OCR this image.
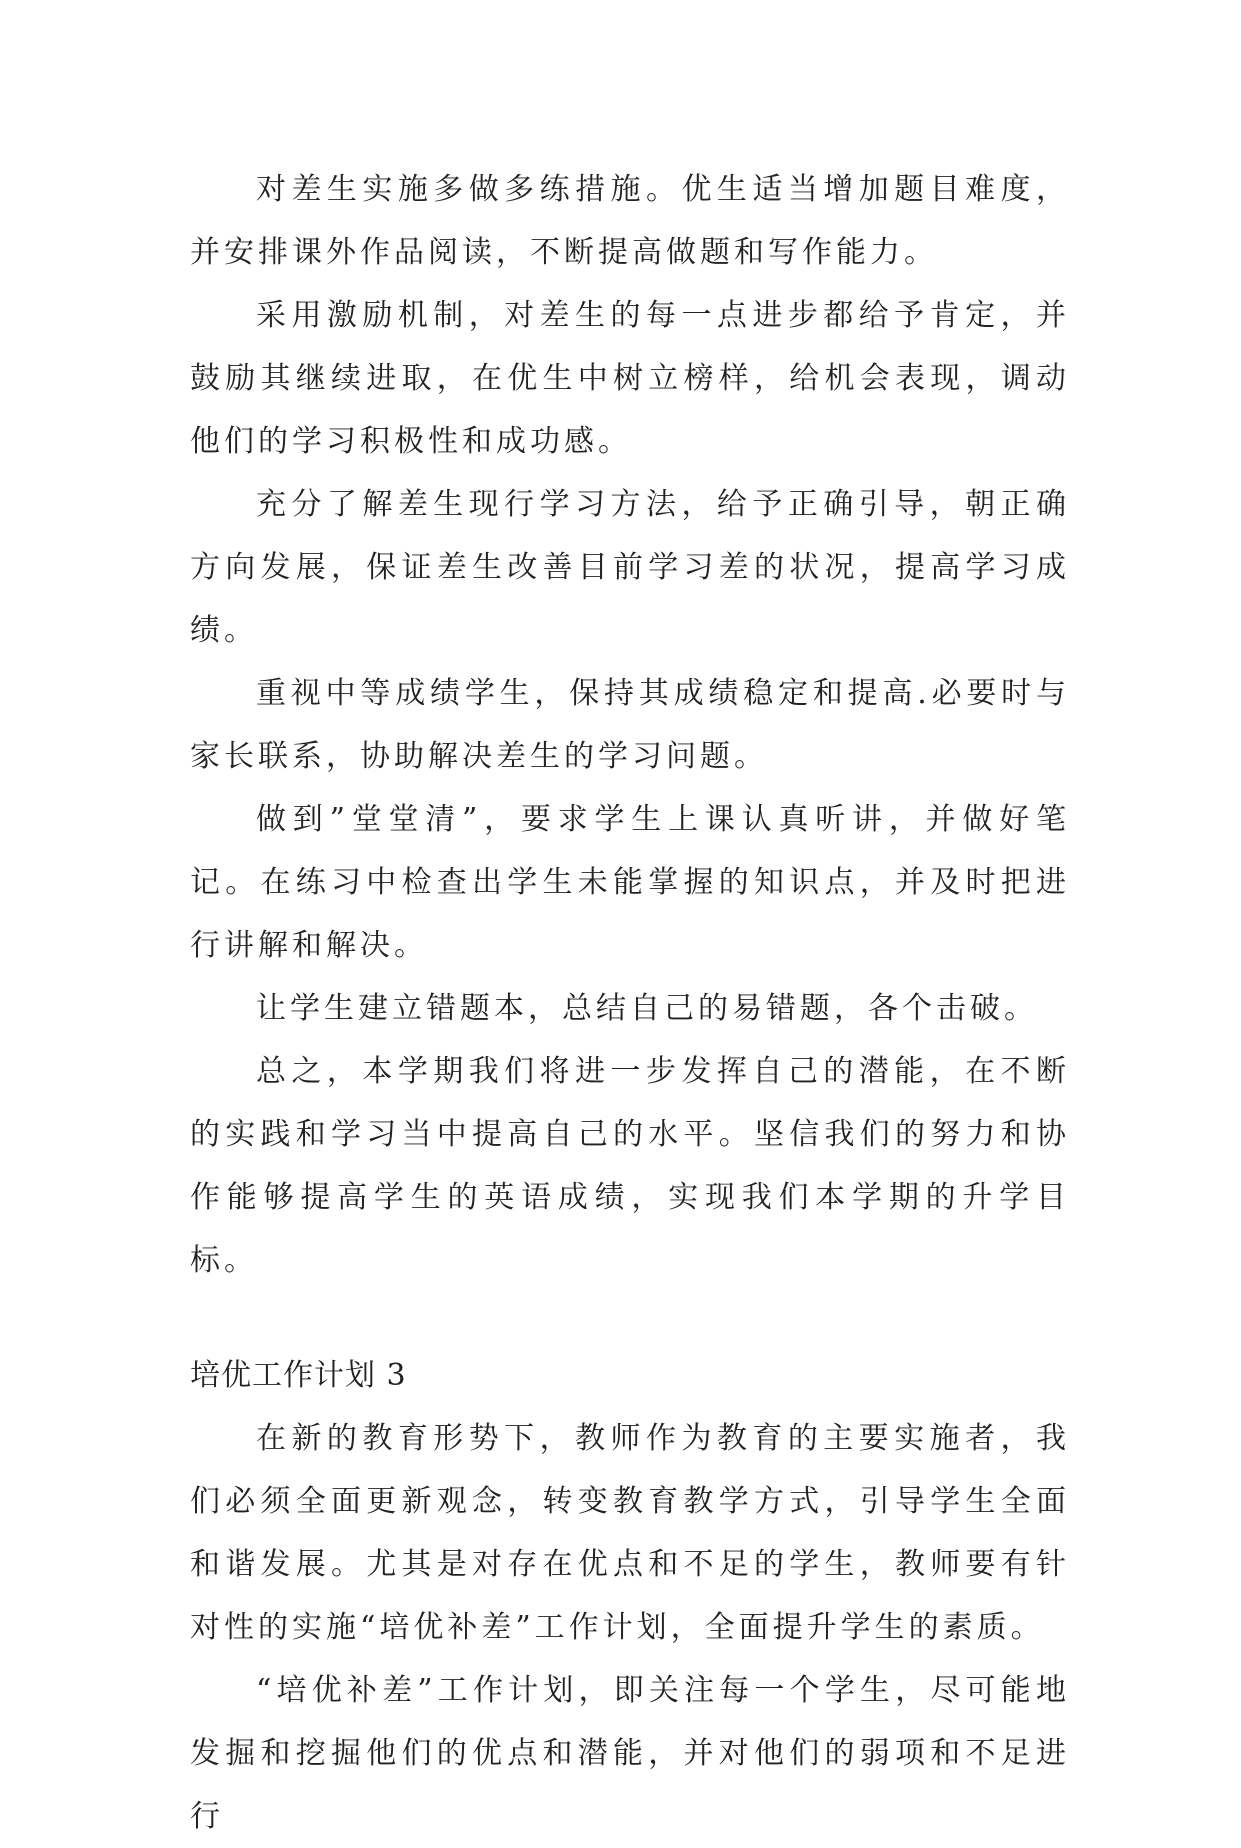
对差生实施多做多练措施。优生适当增加题目难度，并安排课外作品阅读，不断提高做题和写作能力。

采用激励机制，对差生的每一点进步都给予肯定，并鼓励其继续进取，在优生中树立榜样，给机会表现，调动他们的学习积极性和成功感。

充分了解差生现行学习方法，给予正确引导，朝正确方向发展，保证差生改善目前学习差的状况，提高学习成绩。

重视中等成绩学生，保持其成绩稳定和提高.必要时与家长联系，协助解决差生的学习问题。

做到”堂堂清”，要求学生上课认真听讲，并做好笔记。在练习中检查出学生未能掌握的知识点，并及时把进行讲解和解决。

让学生建立错题本，总结自己的易错题，各个击破。

总之，本学期我们将进一步发挥自己的潜能，在不断的实践和学习当中提高自己的水平。坚信我们的努力和协作能够提高学生的英语成绩，实现我们本学期的升学目标。

培优工作计划 3

在新的教育形势下，教师作为教育的主要实施者，我们必须全面更新观念，转变教育教学方式，引导学生全面和谐发展。尤其是对存在优点和不足的学生，教师要有针对性的实施“培优补差”工作计划，全面提升学生的素质。

“培优补差”工作计划，即关注每一个学生，尽可能地发掘和挖掘他们的优点和潜能，并对他们的弱项和不足进行
